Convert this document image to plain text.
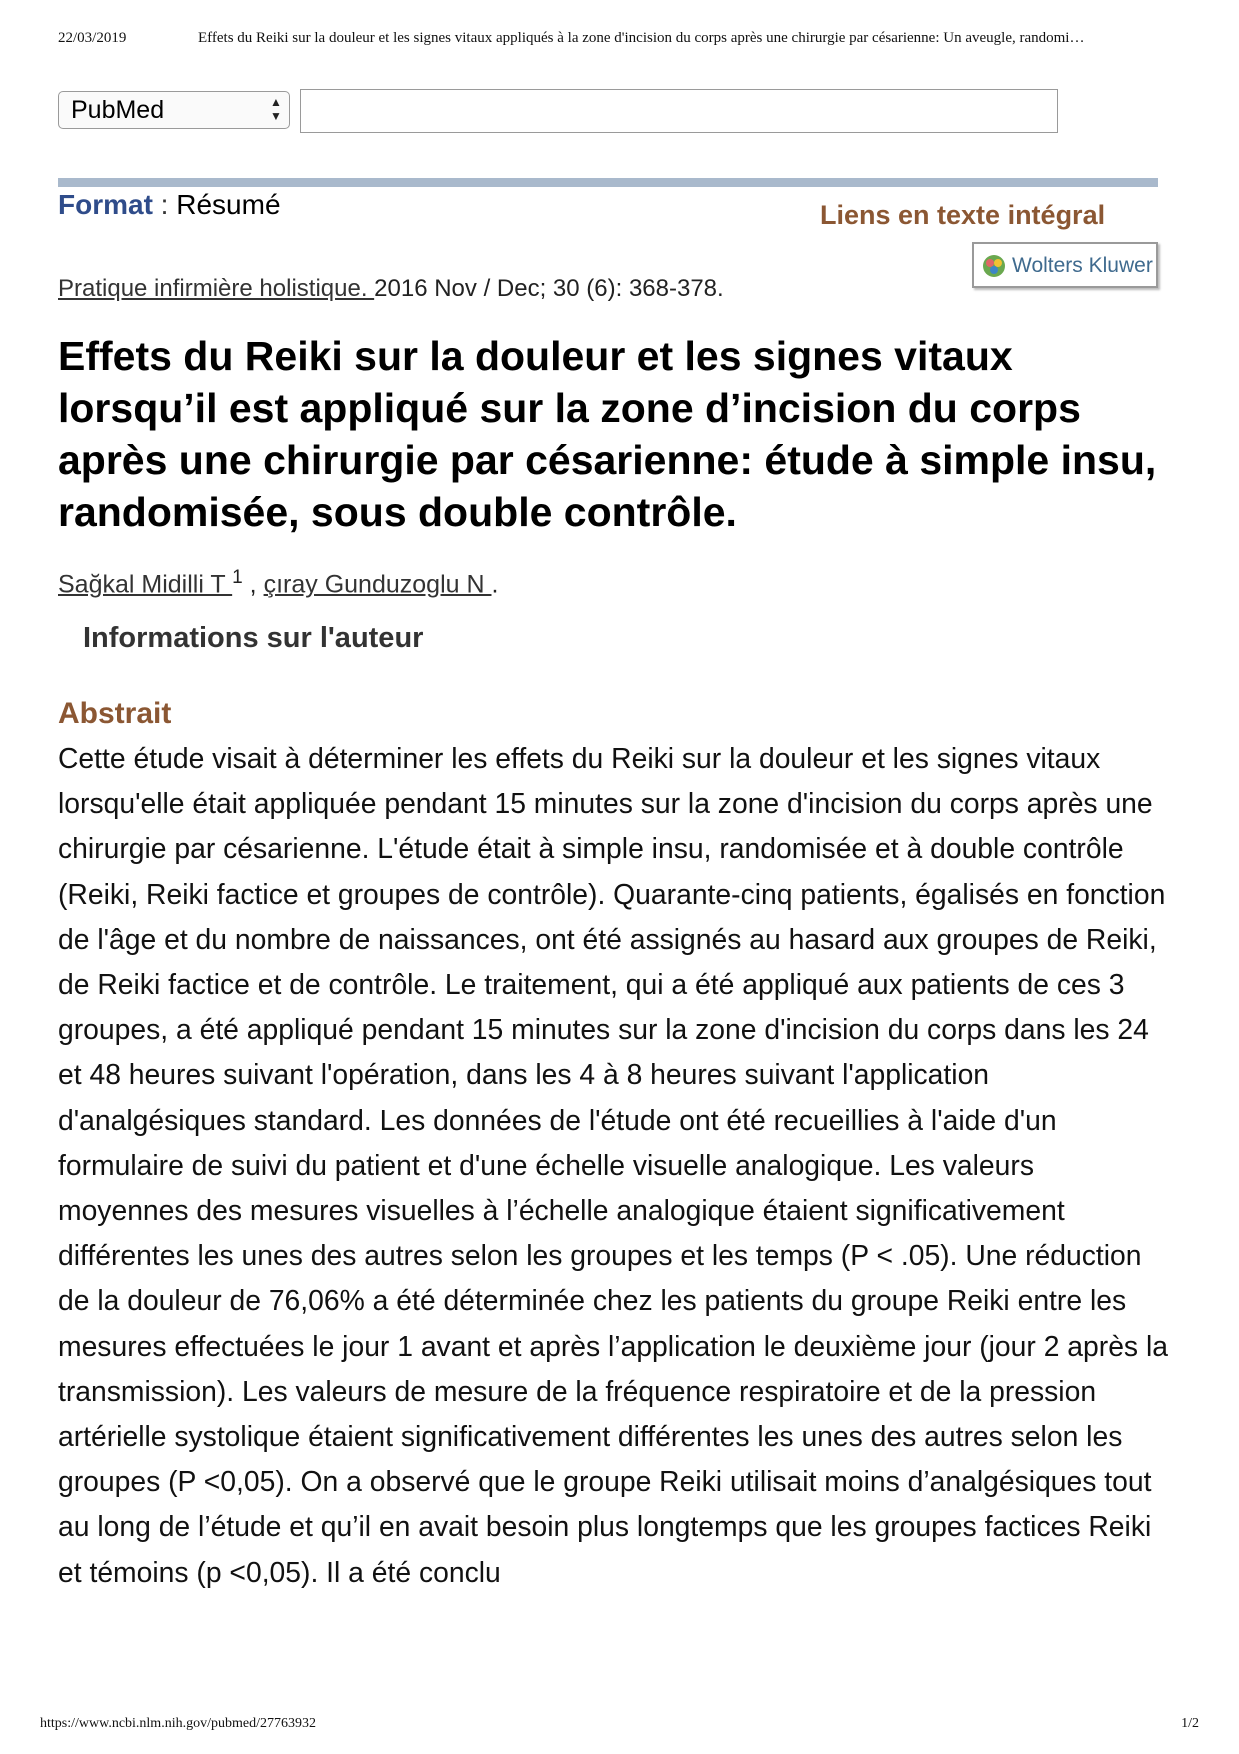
22/03/2019	Effets du Reiki sur la douleur et les signes vitaux appliqués à la zone d'incision du corps après une chirurgie par césarienne: Un aveugle, randomi…
PubMed	▲
▼
Format : Résumé	Liens en texte intégral
Wolters Kluwer
Pratique infirmière holistique. 2016 Nov / Dec; 30 (6): 368-378.
Effets du Reiki sur la douleur et les signes vitaux lorsqu’il est appliqué sur la zone d’incision du corps après une chirurgie par césarienne: étude à simple insu, randomisée, sous double contrôle.
Sağkal Midilli T $^1$ , çıray Gunduzoglu N .
Informations sur l'auteur
Abstrait

Cette étude visait à déterminer les effets du Reiki sur la douleur et les signes vitaux lorsqu'elle était appliquée pendant 15 minutes sur la zone d'incision du corps après une chirurgie par césarienne. L'étude était à simple insu, randomisée et à double contrôle (Reiki, Reiki factice et groupes de contrôle). Quarante-cinq patients, égalisés en fonction de l'âge et du nombre de naissances, ont été assignés au hasard aux groupes de Reiki, de Reiki factice et de contrôle. Le traitement, qui a été appliqué aux patients de ces 3 groupes, a été appliqué pendant 15 minutes sur la zone d'incision du corps dans les 24 et 48 heures suivant l'opération, dans les 4 à 8 heures suivant l'application d'analgésiques standard. Les données de l'étude ont été recueillies à l'aide d'un formulaire de suivi du patient et d'une échelle visuelle analogique. Les valeurs moyennes des mesures visuelles à l’échelle analogique étaient significativement différentes les unes des autres selon les groupes et les temps (P < .05). Une réduction de la douleur de 76,06% a été déterminée chez les patients du groupe Reiki entre les mesures effectuées le jour 1 avant et après l’application le deuxième jour (jour 2 après la transmission). Les valeurs de mesure de la fréquence respiratoire et de la pression artérielle systolique étaient significativement différentes les unes des autres selon les groupes (P <0,05). On a observé que le groupe Reiki utilisait moins d’analgésiques tout au long de l’étude et qu’il en avait besoin plus longtemps que les groupes factices Reiki et témoins (p <0,05). Il a été conclu

https://www.ncbi.nlm.nih.gov/pubmed/27763932	1/2
